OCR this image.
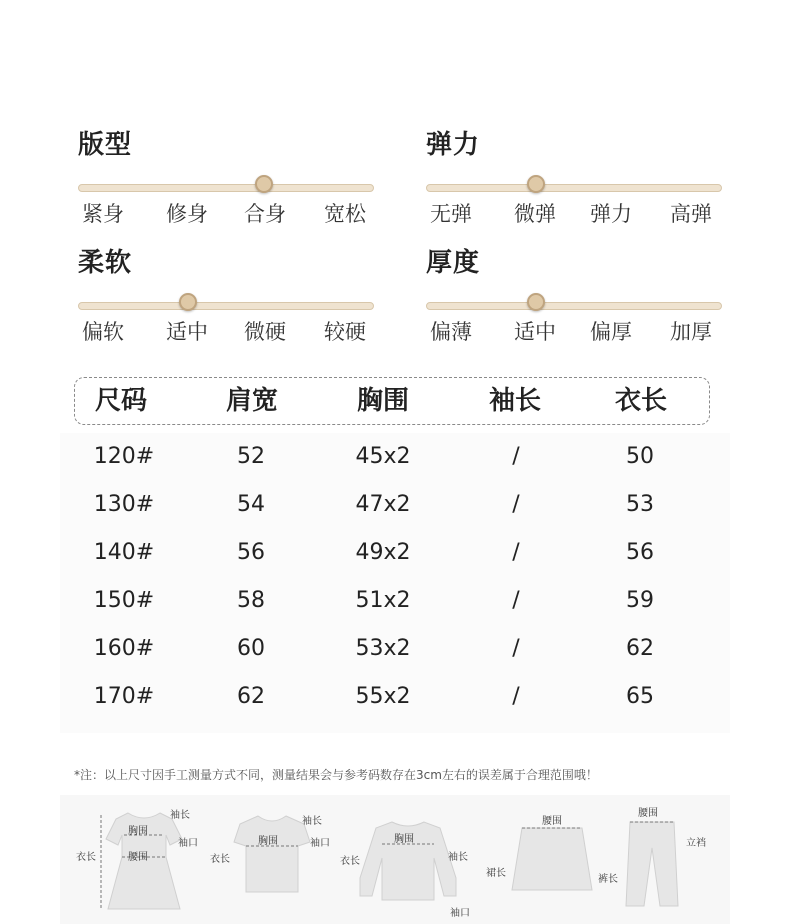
版型
紧身 修身 合身 宽松
弹力
无弹 微弹 弹力 高弹
柔软
偏软 适中 微硬 较硬
厚度
偏薄 适中 偏厚 加厚
尺码	肩宽	胸围	袖长	衣长
120#	52	45x2	/	50
130#	54	47x2	/	53
140#	56	49x2	/	56
150#	58	51x2	/	59
160#	60	53x2	/	62
170#	62	55x2	/	65
*注：以上尺寸因手工测量方式不同，测量结果会与参考码数存在3cm左右的误差属于合理范围哦！
袖长
胸围
袖口
腰围
衣长
袖长
胸围	袖口
衣长
胸围
袖长
衣长
袖口
腰围
裙长
腰围
立裆
裤长
